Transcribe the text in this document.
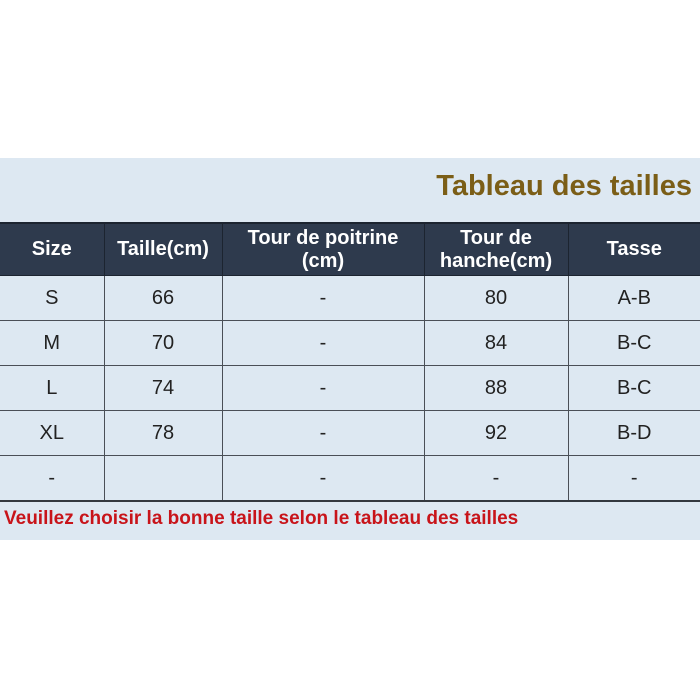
Tableau des tailles
Size	Taille(cm)	Tour de poitrine (cm)	Tour de hanche(cm)	Tasse
S	66	-	80	A-B
M	70	-	84	B-C
L	74	-	88	B-C
XL	78	-	92	B-D
-		-	-	-

Veuillez choisir la bonne taille selon le tableau des tailles
